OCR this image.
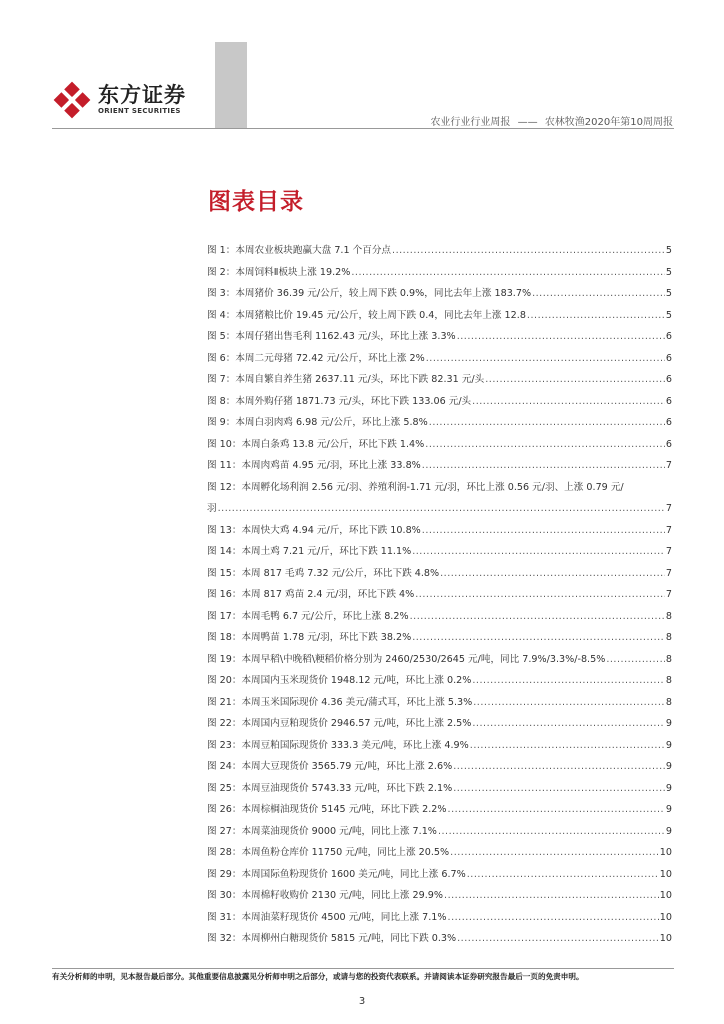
东方证券
ORIENT SECURITIES
农业行业行业周报 —— 农林牧渔2020年第10周周报
图表目录
图 1：本周农业板块跑赢大盘 7.1 个百分点 .....	5
图 2：本周饲料Ⅱ板块上涨 19.2% .....	5
图 3：本周猪价 36.39 元/公斤，较上周下跌 0.9%，同比去年上涨 183.7% .....	5
图 4：本周猪粮比价 19.45 元/公斤，较上周下跌 0.4，同比去年上涨 12.8 .....	5
图 5：本周仔猪出售毛利 1162.43 元/头，环比上涨 3.3% .....	6
图 6：本周二元母猪 72.42 元/公斤，环比上涨 2% .....	6
图 7：本周自繁自养生猪 2637.11 元/头，环比下跌 82.31 元/头 .....	6
图 8：本周外购仔猪 1871.73 元/头，环比下跌 133.06 元/头 .....	6
图 9：本周白羽肉鸡 6.98 元/公斤，环比上涨 5.8% .....	6
图 10：本周白条鸡 13.8 元/公斤，环比下跌 1.4% .....	6
图 11：本周肉鸡苗 4.95 元/羽，环比上涨 33.8% .....	7
图 12：本周孵化场利润 2.56 元/羽、养殖利润-1.71 元/羽，环比上涨 0.56 元/羽、上涨 0.79 元/
羽 .....	7
图 13：本周快大鸡 4.94 元/斤，环比下跌 10.8% .....	7
图 14：本周土鸡 7.21 元/斤，环比下跌 11.1% .....	7
图 15：本周 817 毛鸡 7.32 元/公斤，环比下跌 4.8% .....	7
图 16：本周 817 鸡苗 2.4 元/羽，环比下跌 4% .....	7
图 17：本周毛鸭 6.7 元/公斤，环比上涨 8.2% .....	8
图 18：本周鸭苗 1.78 元/羽，环比下跌 38.2% .....	8
图 19：本周早稻\中晚稻\粳稻价格分别为 2460/2530/2645 元/吨，同比 7.9%/3.3%/-8.5% .....	8
图 20：本周国内玉米现货价 1948.12 元/吨，环比上涨 0.2% .....	8
图 21：本周玉米国际现价 4.36 美元/蒲式耳，环比上涨 5.3% .....	8
图 22：本周国内豆粕现货价 2946.57 元/吨，环比上涨 2.5% .....	9
图 23：本周豆粕国际现货价 333.3 美元/吨，环比上涨 4.9% .....	9
图 24：本周大豆现货价 3565.79 元/吨，环比上涨 2.6% .....	9
图 25：本周豆油现货价 5743.33 元/吨，环比下跌 2.1% .....	9
图 26：本周棕榈油现货价 5145 元/吨，环比下跌 2.2% .....	9
图 27：本周菜油现货价 9000 元/吨，同比上涨 7.1% .....	9
图 28：本周鱼粉仓库价 11750 元/吨，同比上涨 20.5% .....	10
图 29：本周国际鱼粉现货价 1600 美元/吨，同比上涨 6.7% .....	10
图 30：本周棉籽收购价 2130 元/吨，同比上涨 29.9% .....	10
图 31：本周油菜籽现货价 4500 元/吨，同比上涨 7.1% .....	10
图 32：本周柳州白糖现货价 5815 元/吨，同比下跌 0.3% .....	10
有关分析师的申明，见本报告最后部分。其他重要信息披露见分析师申明之后部分，或请与您的投资代表联系。并请阅读本证券研究报告最后一页的免责申明。
3
